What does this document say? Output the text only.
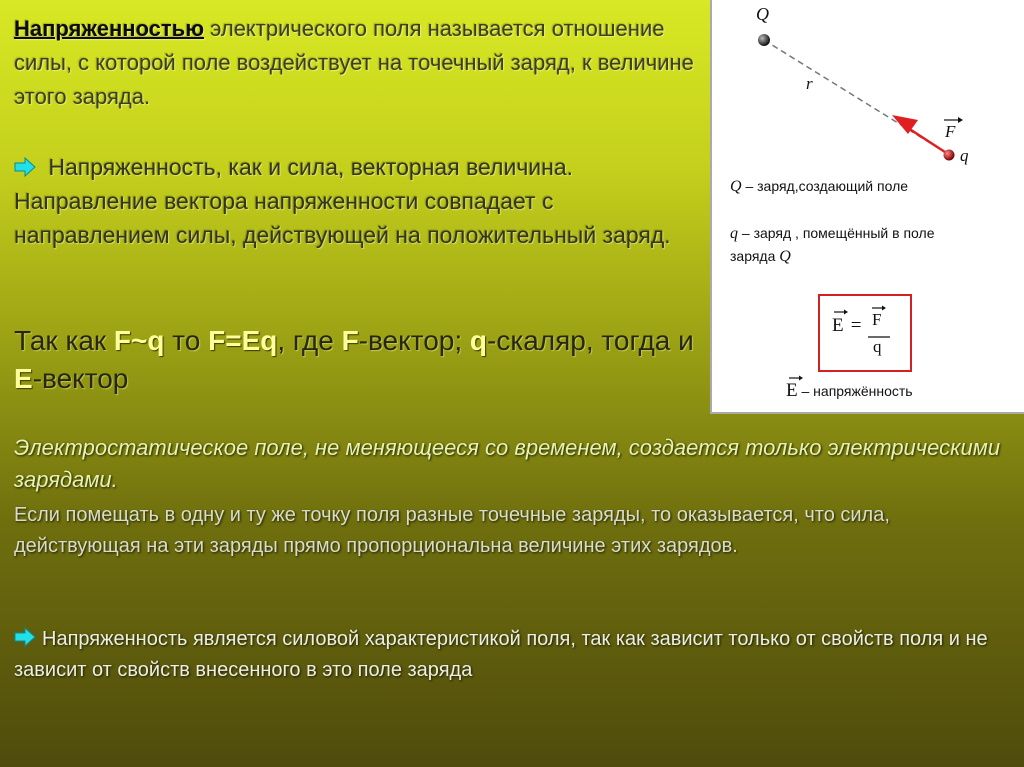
Напряженностью электрического поля называется отношение силы, с которой поле воздействует на точечный заряд, к величине этого заряда.

Напряженность, как и сила, векторная величина.
Направление вектора напряженности совпадает с направлением силы, действующей на положительный заряд.

Так как F~q то F=Eq, где F-вектор; q-скаляр, тогда и E-вектор

Электростатическое поле, не меняющееся со временем, создается только электрическими зарядами.

Если помещать в одну и ту же точку поля разные точечные заряды, то оказывается, что сила, действующая на эти заряды прямо пропорциональна величине этих зарядов.

Напряженность является силовой характеристикой поля, так как зависит только от свойств поля и не зависит от свойств внесенного в это поле заряда

Q
r
F
q

Q – заряд,создающий поле

q – заряд , помещённый в поле
заряда Q

E = F
q

E – напряжённость
